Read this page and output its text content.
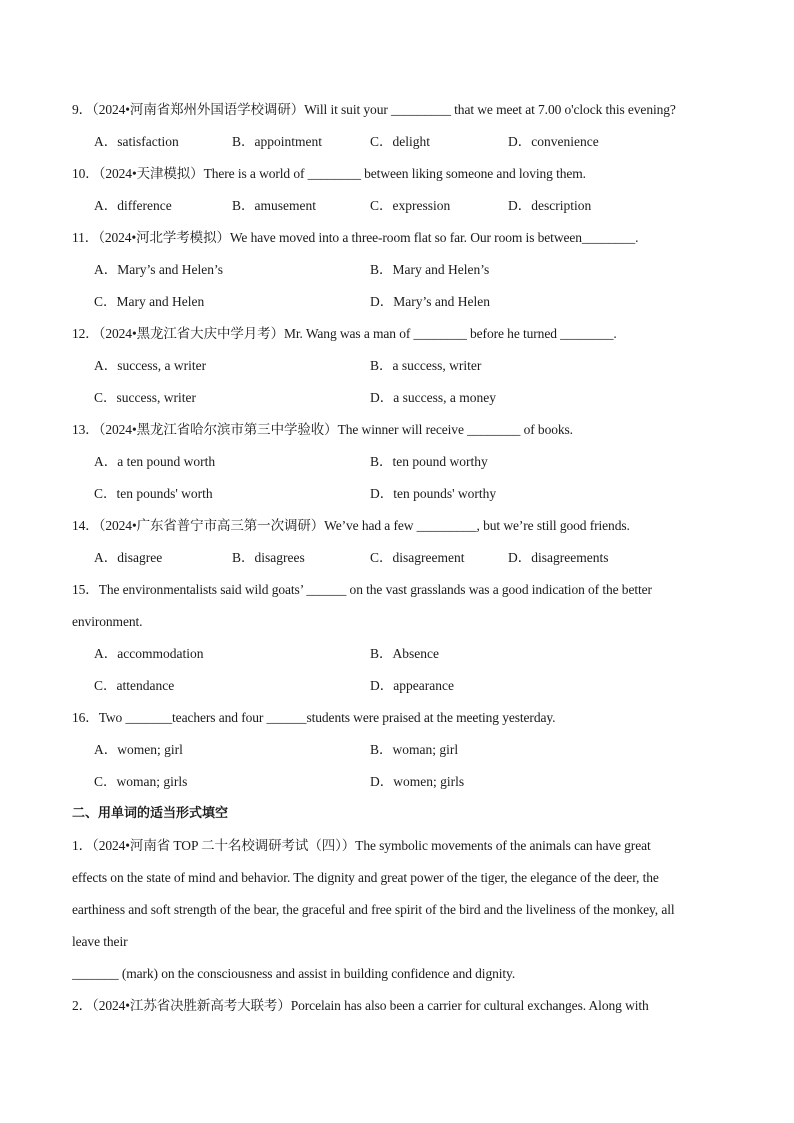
9．（2024•河南省郑州外国语学校调研）Will it suit your _________ that we meet at 7.00 o'clock this evening?
A．satisfaction	B．appointment	C．delight	D．convenience
10．（2024•天津模拟）There is a world of ________ between liking someone and loving them.
A．difference	B．amusement	C．expression	D．description
11．（2024•河北学考模拟）We have moved into a three-room flat so far. Our room is between________.
A．Mary’s and Helen’s	B．Mary and Helen’s
C．Mary and Helen	D．Mary’s and Helen
12．（2024•黑龙江省大庆中学月考）Mr. Wang was a man of ________ before he turned ________.
A．success, a writer	B．a success, writer
C．success, writer	D．a success, a money
13．（2024•黑龙江省哈尔滨市第三中学验收）The winner will receive ________ of books.
A．a ten pound worth	B．ten pound worthy
C．ten pounds' worth	D．ten pounds' worthy
14．（2024•广东省普宁市高三第一次调研）We’ve had a few _________, but we’re still good friends.
A．disagree	B．disagrees	C．disagreement	D．disagreements
15．The environmentalists said wild goats’ ______ on the vast grasslands was a good indication of the better
environment.
A．accommodation	B．Absence
C．attendance	D．appearance
16．Two _______teachers and four ______students were praised at the meeting yesterday.
A．women; girl	B．woman; girl
C．woman; girls	D．women; girls
二、用单词的适当形式填空
1．（2024•河南省 TOP 二十名校调研考试（四））The symbolic movements of the animals can have great
effects on the state of mind and behavior. The dignity and great power of the tiger, the elegance of the deer, the
earthiness and soft strength of the bear, the graceful and free spirit of the bird and the liveliness of the monkey, all
leave their
_______ (mark) on the consciousness and assist in building confidence and dignity.
2．（2024•江苏省决胜新高考大联考）Porcelain has also been a carrier for cultural exchanges. Along with
